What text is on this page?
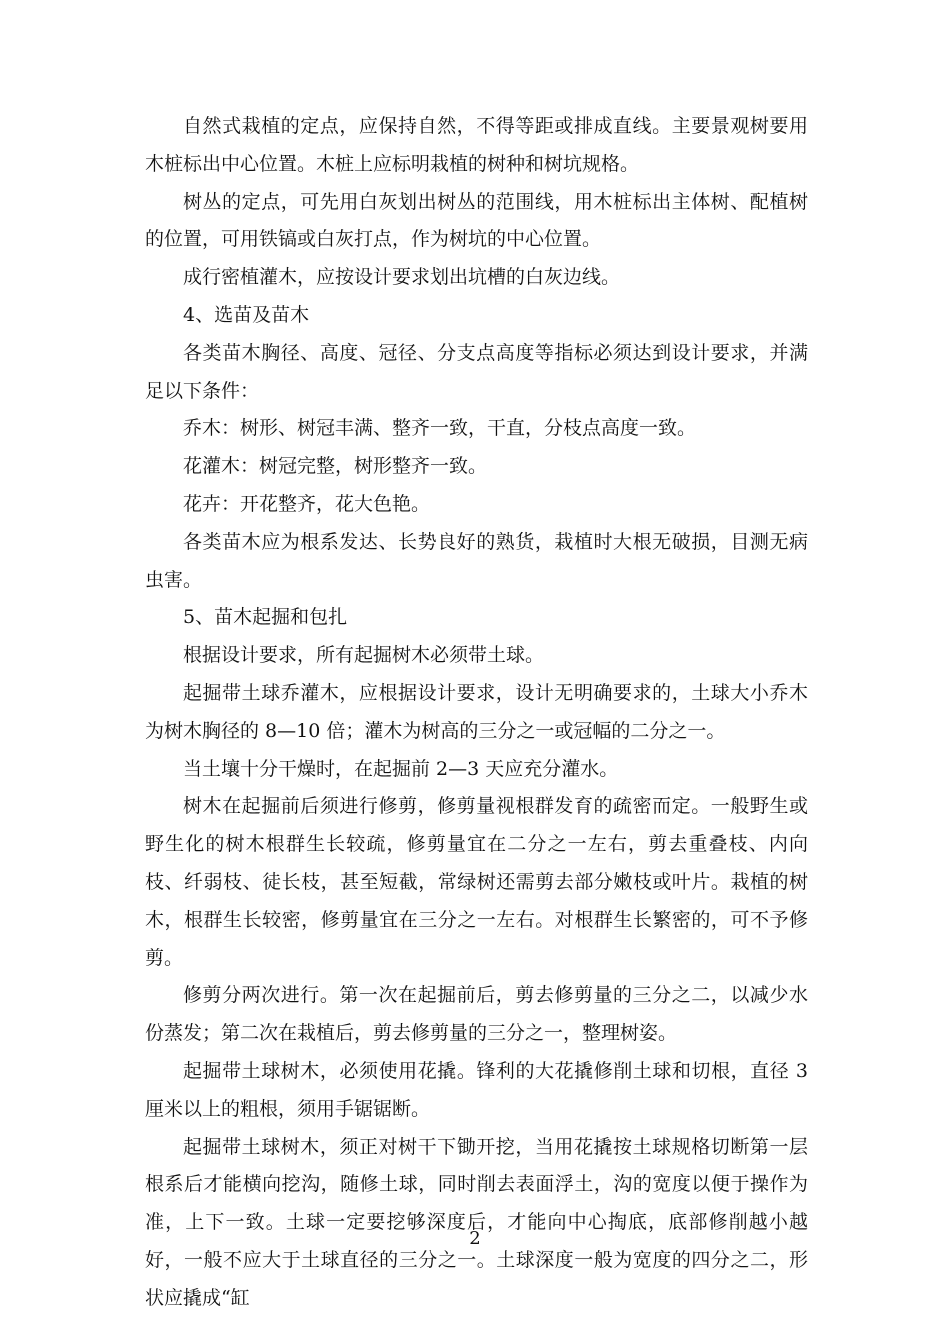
自然式栽植的定点，应保持自然，不得等距或排成直线。主要景观树要用木桩标出中心位置。木桩上应标明栽植的树种和树坑规格。

树丛的定点，可先用白灰划出树丛的范围线，用木桩标出主体树、配植树的位置，可用铁镐或白灰打点，作为树坑的中心位置。

成行密植灌木，应按设计要求划出坑槽的白灰边线。

4、选苗及苗木

各类苗木胸径、高度、冠径、分支点高度等指标必须达到设计要求，并满足以下条件：

乔木：树形、树冠丰满、整齐一致，干直，分枝点高度一致。

花灌木：树冠完整，树形整齐一致。

花卉：开花整齐，花大色艳。

各类苗木应为根系发达、长势良好的熟货，栽植时大根无破损，目测无病虫害。

5、苗木起掘和包扎

根据设计要求，所有起掘树木必须带土球。

起掘带土球乔灌木，应根据设计要求，设计无明确要求的，土球大小乔木为树木胸径的 8—10 倍；灌木为树高的三分之一或冠幅的二分之一。

当土壤十分干燥时，在起掘前 2—3 天应充分灌水。

树木在起掘前后须进行修剪，修剪量视根群发育的疏密而定。一般野生或野生化的树木根群生长较疏，修剪量宜在二分之一左右，剪去重叠枝、内向枝、纤弱枝、徒长枝，甚至短截，常绿树还需剪去部分嫩枝或叶片。栽植的树木，根群生长较密，修剪量宜在三分之一左右。对根群生长繁密的，可不予修剪。

修剪分两次进行。第一次在起掘前后，剪去修剪量的三分之二，以减少水份蒸发；第二次在栽植后，剪去修剪量的三分之一，整理树姿。

起掘带土球树木，必须使用花撬。锋利的大花撬修削土球和切根，直径 3 厘米以上的粗根，须用手锯锯断。

起掘带土球树木，须正对树干下锄开挖，当用花撬按土球规格切断第一层根系后才能横向挖沟，随修土球，同时削去表面浮土，沟的宽度以便于操作为准，上下一致。土球一定要挖够深度后，才能向中心掏底，底部修削越小越好，一般不应大于土球直径的三分之一。土球深度一般为宽度的四分之二，形状应撬成“缸

2
